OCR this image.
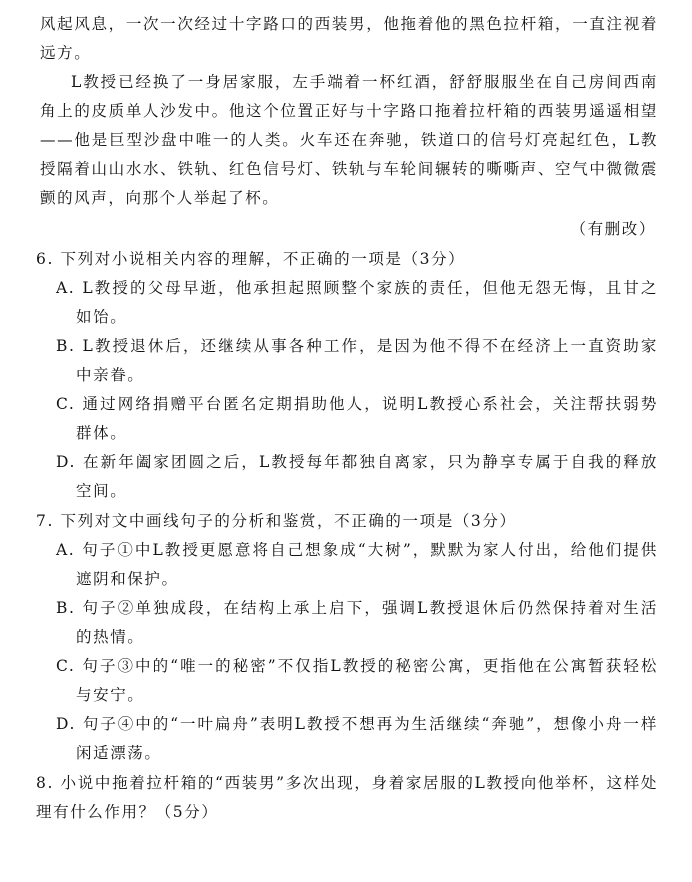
风起风息，一次一次经过十字路口的西装男，他拖着他的黑色拉杆箱，一直注视着远方。

L教授已经换了一身居家服，左手端着一杯红酒，舒舒服服坐在自己房间西南角上的皮质单人沙发中。他这个位置正好与十字路口拖着拉杆箱的西装男遥遥相望——他是巨型沙盘中唯一的人类。火车还在奔驰，铁道口的信号灯亮起红色，L教授隔着山山水水、铁轨、红色信号灯、铁轨与车轮间辗转的嘶嘶声、空气中微微震颤的风声，向那个人举起了杯。

（有删改）

6. 下列对小说相关内容的理解，不正确的一项是（3分）

A. L教授的父母早逝，他承担起照顾整个家族的责任，但他无怨无悔，且甘之如饴。

B. L教授退休后，还继续从事各种工作，是因为他不得不在经济上一直资助家中亲眷。

C. 通过网络捐赠平台匿名定期捐助他人，说明L教授心系社会，关注帮扶弱势群体。

D. 在新年阖家团圆之后，L教授每年都独自离家，只为静享专属于自我的释放空间。

7. 下列对文中画线句子的分析和鉴赏，不正确的一项是（3分）

A. 句子①中L教授更愿意将自己想象成“大树”，默默为家人付出，给他们提供遮阴和保护。

B. 句子②单独成段，在结构上承上启下，强调L教授退休后仍然保持着对生活的热情。

C. 句子③中的“唯一的秘密”不仅指L教授的秘密公寓，更指他在公寓暂获轻松与安宁。

D. 句子④中的“一叶扁舟”表明L教授不想再为生活继续“奔驰”，想像小舟一样闲适漂荡。

8. 小说中拖着拉杆箱的“西装男”多次出现，身着家居服的L教授向他举杯，这样处理有什么作用？（5分）
